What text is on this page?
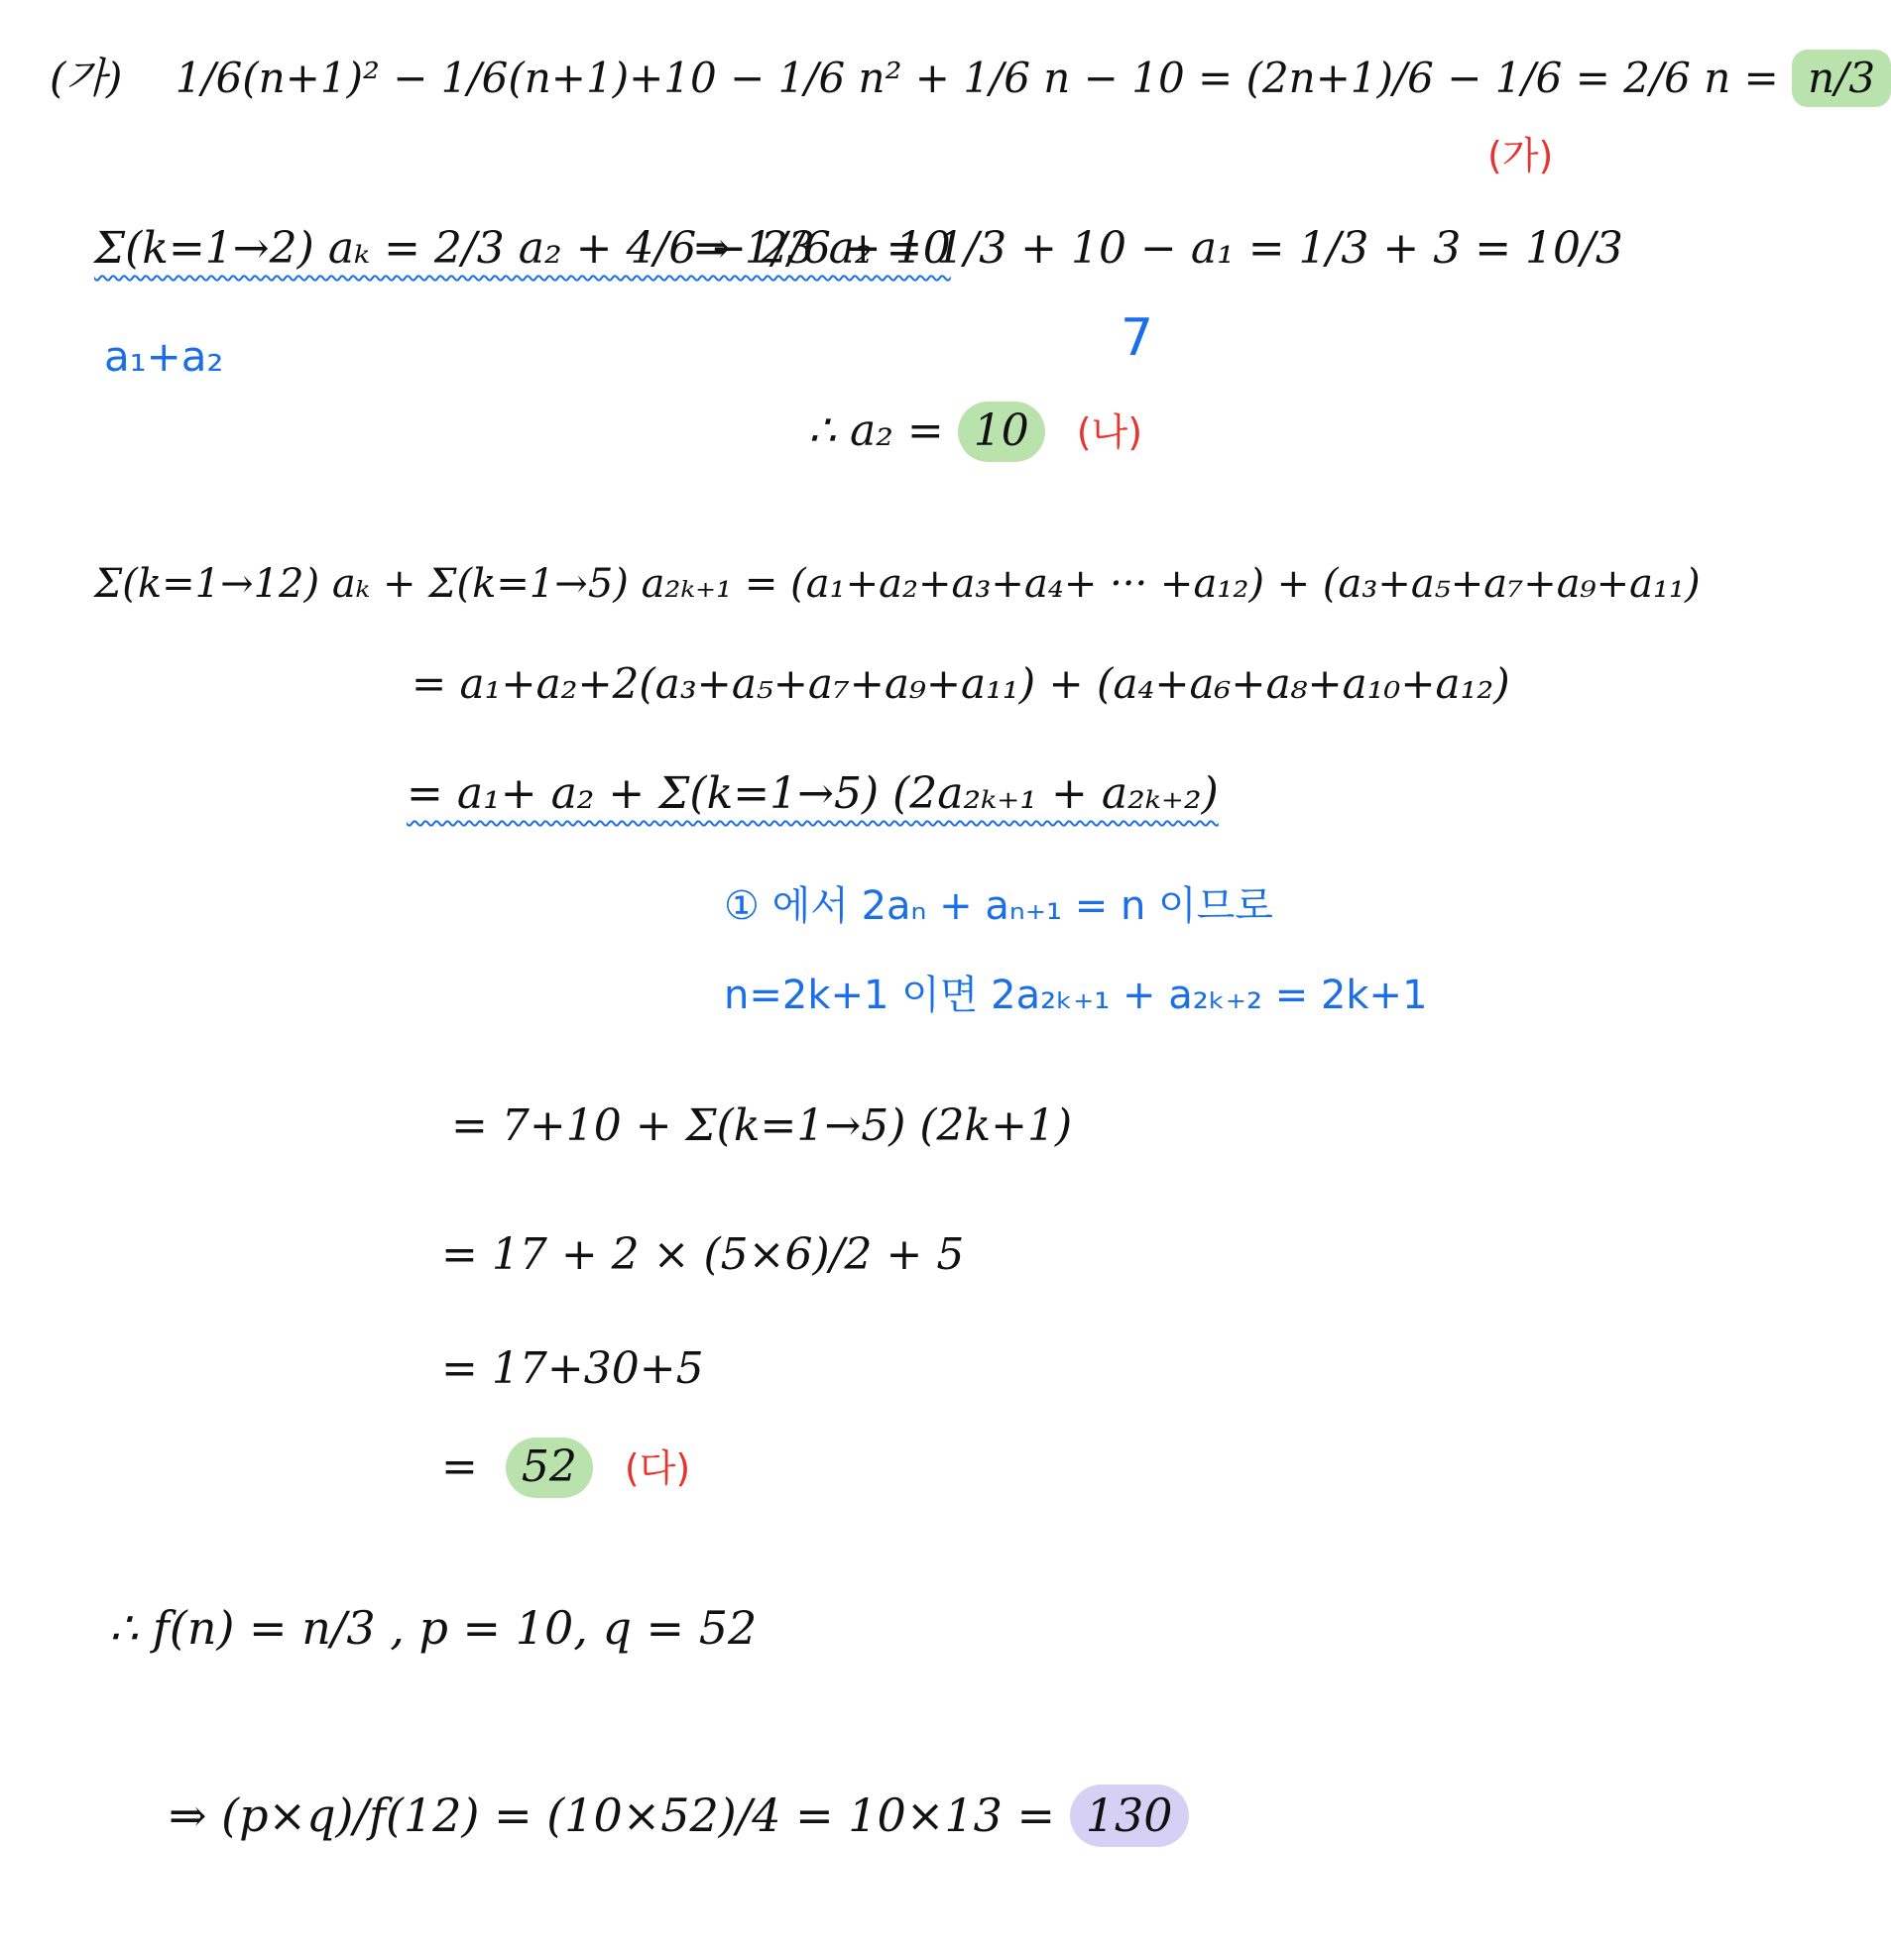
(가) 1/6(n+1)² − 1/6(n+1)+10 − 1/6 n² + 1/6 n − 10 = (2n+1)/6 − 1/6 = 2/6 n = n/3
(가)
Σ(k=1→2) aₖ = 2/3 a₂ + 4/6 − 2/6 + 10
⇒ 1/3 a₂ = 1/3 + 10 − a₁ = 1/3 + 3 = 10/3
a₁+a₂	7
∴ a₂ = 10 (나)
Σ(k=1→12) aₖ + Σ(k=1→5) a₂ₖ₊₁ = (a₁+a₂+a₃+a₄+ ··· +a₁₂) + (a₃+a₅+a₇+a₉+a₁₁)
= a₁+a₂+2(a₃+a₅+a₇+a₉+a₁₁) + (a₄+a₆+a₈+a₁₀+a₁₂)
= a₁+ a₂ + Σ(k=1→5) (2a₂ₖ₊₁ + a₂ₖ₊₂)
① 에서 2aₙ + aₙ₊₁ = n 이므로
n=2k+1 이면 2a₂ₖ₊₁ + a₂ₖ₊₂ = 2k+1
= 7+10 + Σ(k=1→5) (2k+1)
= 17 + 2 × (5×6)/2 + 5
= 17+30+5
= 52 (다)
∴ f(n) = n/3 , p = 10, q = 52
⇒ (p×q)/f(12) = (10×52)/4 = 10×13 = 130
